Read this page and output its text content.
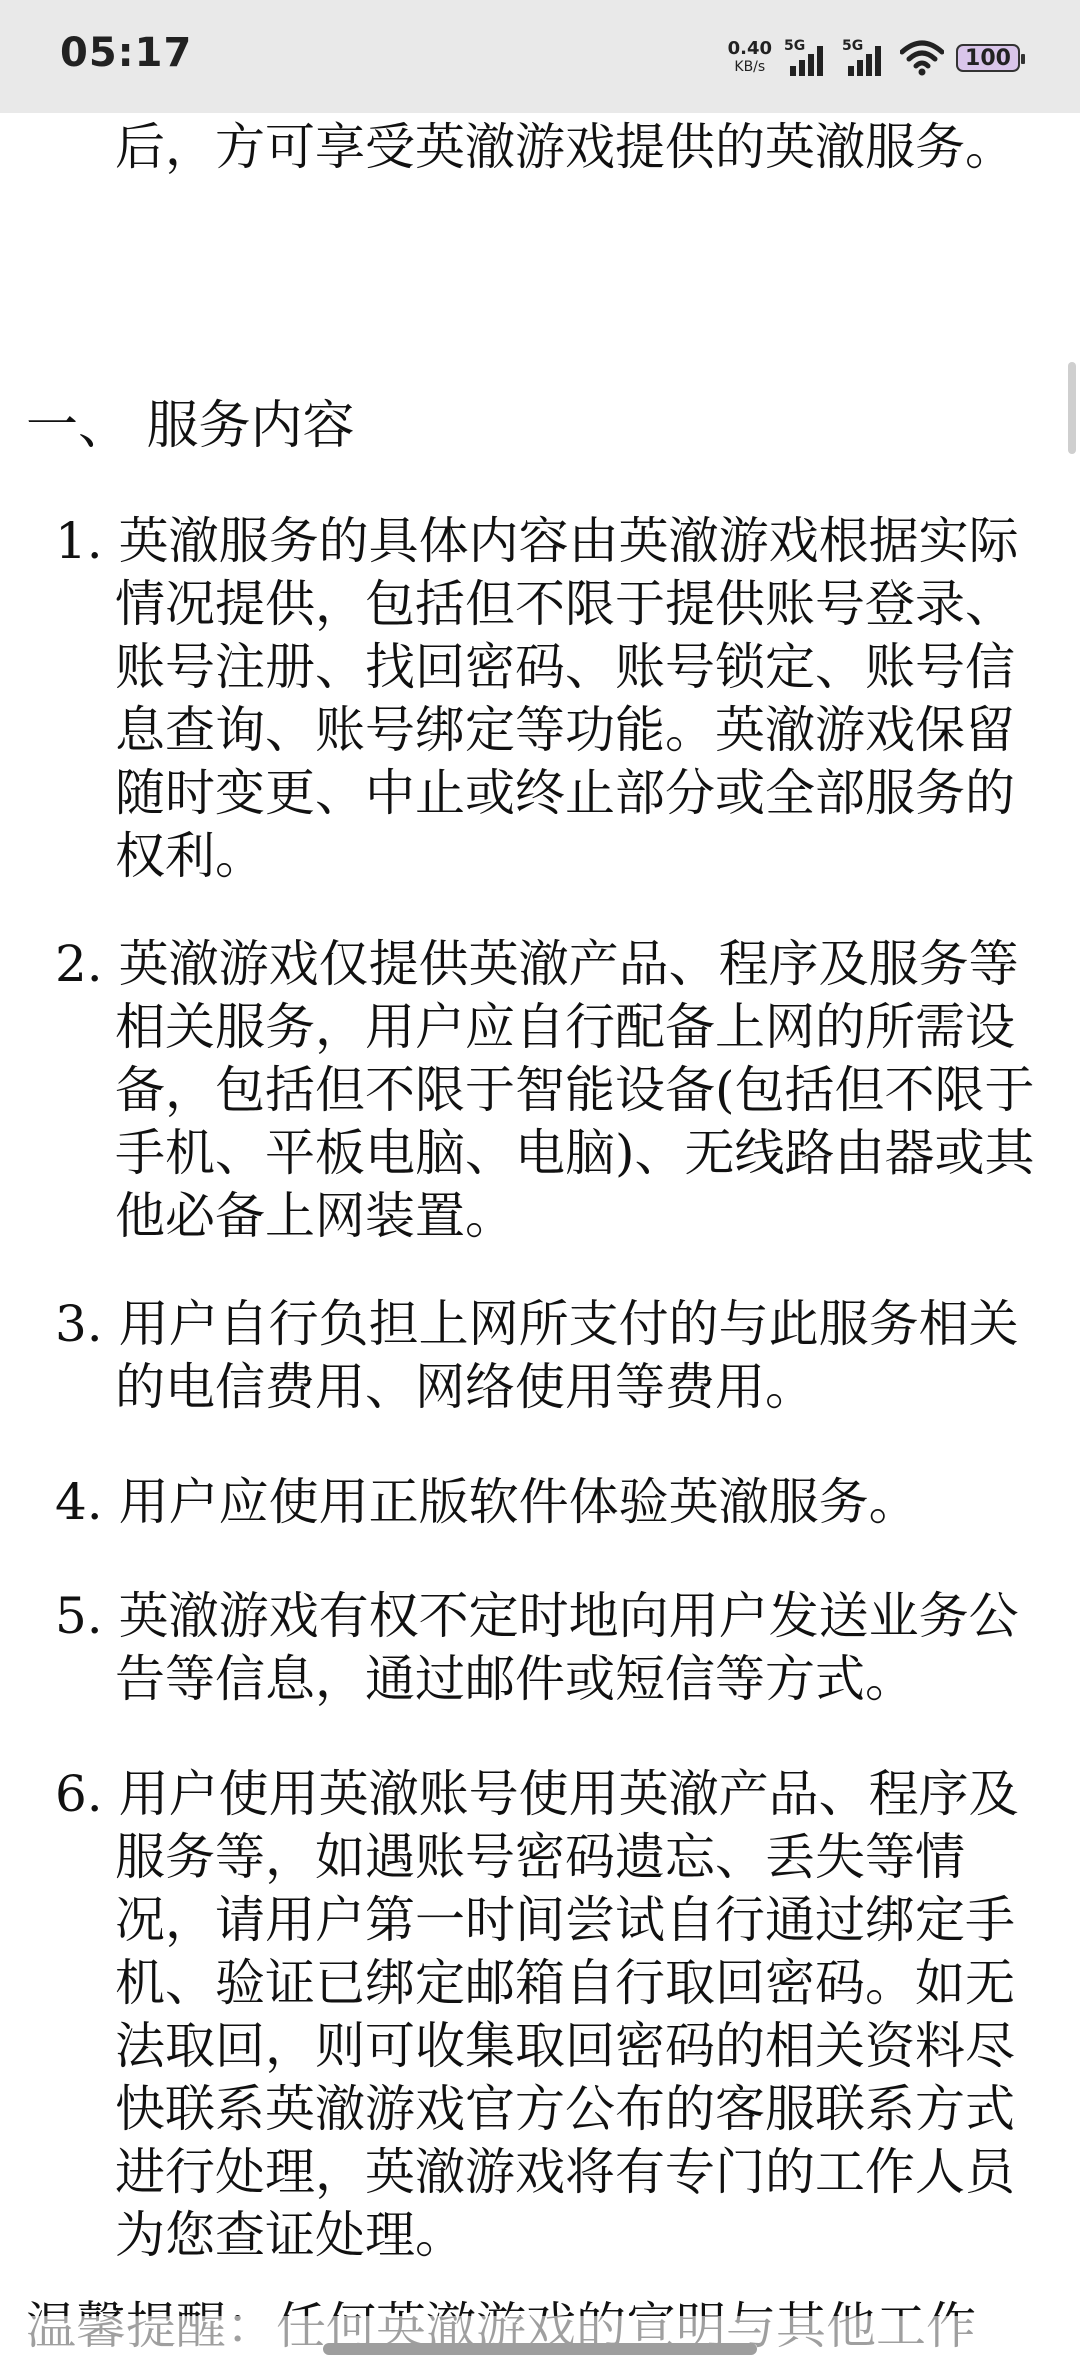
05:17	0.40
KB/s
5G	5G	100

后，方可享受英澈游戏提供的英澈服务。

一、 服务内容

1. 英澈服务的具体内容由英澈游戏根据实际情况提供，包括但不限于提供账号登录、账号注册、找回密码、账号锁定、账号信息查询、账号绑定等功能。英澈游戏保留随时变更、中止或终止部分或全部服务的权利。

2. 英澈游戏仅提供英澈产品、程序及服务等相关服务，用户应自行配备上网的所需设备，包括但不限于智能设备(包括但不限于手机、平板电脑、电脑)、无线路由器或其他必备上网装置。

3. 用户自行负担上网所支付的与此服务相关的电信费用、网络使用等费用。

4. 用户应使用正版软件体验英澈服务。

5. 英澈游戏有权不定时地向用户发送业务公告等信息，通过邮件或短信等方式。

6. 用户使用英澈账号使用英澈产品、程序及服务等，如遇账号密码遗忘、丢失等情况，请用户第一时间尝试自行通过绑定手机、验证已绑定邮箱自行取回密码。如无法取回，则可收集取回密码的相关资料尽快联系英澈游戏官方公布的客服联系方式进行处理，英澈游戏将有专门的工作人员为您查证处理。
